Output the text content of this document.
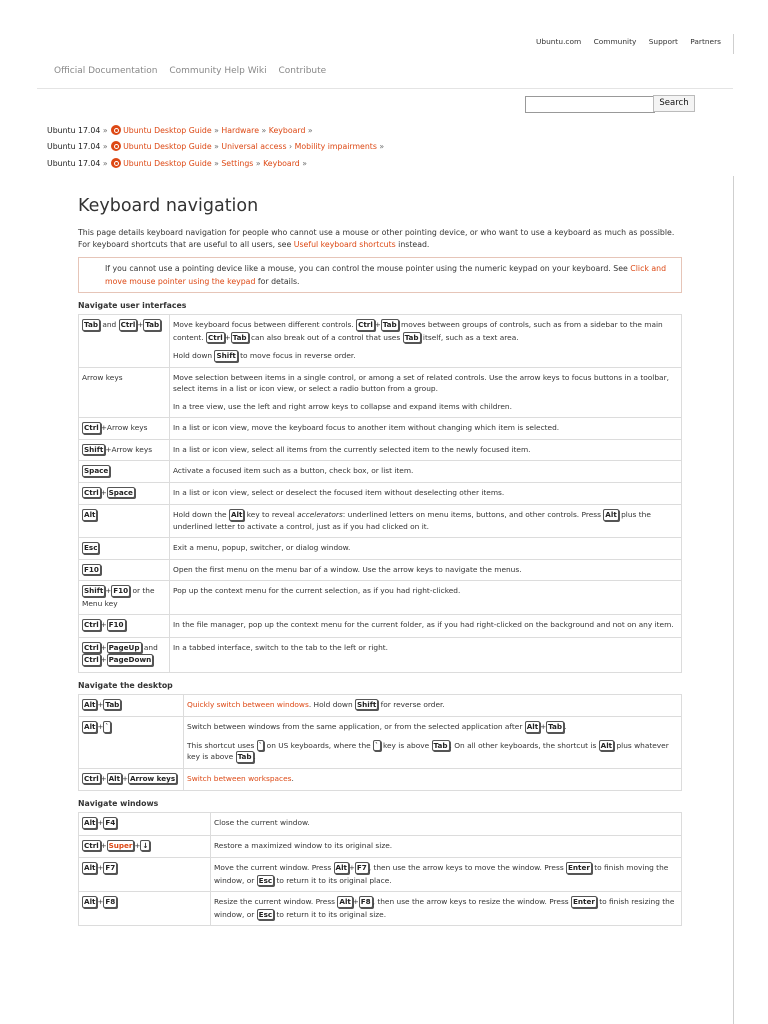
Ubuntu.com Community Support Partners
Official Documentation Community Help Wiki Contribute
Search
Ubuntu 17.04 » Ubuntu Desktop Guide » Hardware » Keyboard »
Ubuntu 17.04 » Ubuntu Desktop Guide » Universal access › Mobility impairments »
Ubuntu 17.04 » Ubuntu Desktop Guide » Settings » Keyboard »
Keyboard navigation

This page details keyboard navigation for people who cannot use a mouse or other pointing device, or who want to use a keyboard as much as possible. For keyboard shortcuts that are useful to all users, see Useful keyboard shortcuts instead.

If you cannot use a pointing device like a mouse, you can control the mouse pointer using the numeric keypad on your keyboard. See Click and move mouse pointer using the keypad for details.
Navigate user interfaces
Tab and Ctrl + Tab	Move keyboard focus between different controls. Ctrl + Tab moves between groups of controls, such as from a sidebar to the main content. Ctrl + Tab can also break out of a control that uses Tab itself, such as a text area.

Hold down Shift to move focus in reverse order.

Arrow keys	Move selection between items in a single control, or among a set of related controls. Use the arrow keys to focus buttons in a toolbar, select items in a list or icon view, or select a radio button from a group.

In a tree view, use the left and right arrow keys to collapse and expand items with children.

Ctrl +Arrow keys	In a list or icon view, move the keyboard focus to another item without changing which item is selected.

Shift +Arrow keys	In a list or icon view, select all items from the currently selected item to the newly focused item.

Space	Activate a focused item such as a button, check box, or list item.

Ctrl + Space	In a list or icon view, select or deselect the focused item without deselecting other items.

Alt	Hold down the Alt key to reveal accelerators: underlined letters on menu items, buttons, and other controls. Press Alt plus the underlined letter to activate a control, just as if you had clicked on it.

Esc	Exit a menu, popup, switcher, or dialog window.

F10	Open the first menu on the menu bar of a window. Use the arrow keys to navigate the menus.

Shift + F10 or the Menu key	Pop up the context menu for the current selection, as if you had right-clicked.

Ctrl + F10	In the file manager, pop up the context menu for the current folder, as if you had right-clicked on the background and not on any item.

Ctrl + PageUp and Ctrl + PageDown	In a tabbed interface, switch to the tab to the left or right.

Navigate the desktop
Alt + Tab	Quickly switch between windows. Hold down Shift for reverse order.

Alt + `	Switch between windows from the same application, or from the selected application after Alt + Tab .

This shortcut uses ` on US keyboards, where the ` key is above Tab . On all other keyboards, the shortcut is Alt plus whatever key is above Tab .

Ctrl + Alt + Arrow keys	Switch between workspaces.

Navigate windows
Alt + F4	Close the current window.

Ctrl + Super + ↓	Restore a maximized window to its original size.

Alt + F7	Move the current window. Press Alt + F7 , then use the arrow keys to move the window. Press Enter to finish moving the window, or Esc to return it to its original place.

Alt + F8	Resize the current window. Press Alt + F8 , then use the arrow keys to resize the window. Press Enter to finish resizing the window, or Esc to return it to its original size.
